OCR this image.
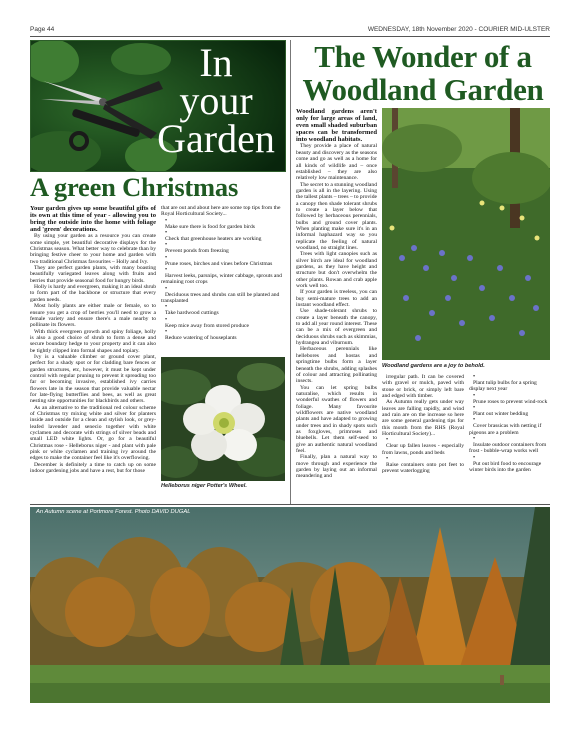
Page 44	WEDNESDAY, 18th November 2020 - COURIER MID-ULSTER
In
your
Garden
A green Christmas

Your garden gives up some beautiful gifts of its own at this time of year - allowing you to bring the outside into the home with foliage and 'green' decorations.

By using your garden as a resource you can create some simple, yet beautiful decorative displays for the Christmas season. What better way to celebrate than by bringing festive cheer to your home and garden with two traditional Christmas favourites – Holly and Ivy.

They are perfect garden plants, with many boasting beautifully variegated leaves along with fruits and berries that provide seasonal food for hungry birds.

Holly is hardy and evergreen, making it an ideal shrub to form part of the backbone or structure that every garden needs.

Most holly plants are either male or female, so to ensure you get a crop of berries you'll need to grow a female variety and ensure there's a male nearby to pollinate its flowers.

With thick evergreen growth and spiny foliage, holly is also a good choice of shrub to form a dense and secure boundary hedge to your property and it can also be tightly clipped into formal shapes and topiary.

Ivy is a valuable climber or ground cover plant, perfect for a shady spot or for cladding bare fences or garden structures, etc, however, it must be kept under control with regular pruning to prevent it spreading too far or becoming invasive, established ivy carries flowers late in the season that provide valuable nectar for late-flying butterflies and bees, as well as great nesting site opportunities for blackbirds and others.

As an alternative to the traditional red colour scheme of Christmas try mixing white and silver for planters inside and outside for a clean and stylish look, or grey-leafed lavender and senecio together with white cyclamen and decorate with strings of silver beads and small LED white lights. Or, go for a beautiful Christmas rose - Helleborus niger - and plant with pale pink or white cyclamen and training ivy around the edges to make the container feel like it's overflowing.

December is definitely a time to catch up on some indoor gardening jobs and have a rest, but for those

that are out and about here are some top tips from the Royal Horticultural Society...

•

Make sure there is food for garden birds

•

Check that greenhouse heaters are working

•

Prevent ponds from freezing

•

Prune roses, birches and vines before Christmas

•

Harvest leeks, parsnips, winter cabbage, sprouts and remaining root crops

•

Deciduous trees and shrubs can still be planted and transplanted

•

Take hardwood cuttings

•

Keep mice away from stored produce

•

Reduce watering of houseplants

Helleborus niger Potter's Wheel.
The Wonder of a
Woodland Garden

Woodland gardens aren't only for large areas of land, even small shaded suburban spaces can be transformed into woodland habitats.

They provide a place of natural beauty and discovery as the seasons come and go as well as a home for all kinds of wildlife and – once established – they are also relatively low maintenance.

The secret to a stunning woodland garden is all in the layering. Using the tallest plants – trees – to provide a canopy then shade tolerant shrubs to create a layer below that followed by herbaceous perennials, bulbs and ground cover plants. When planting make sure it's in an informal haphazard way so you replicate the feeling of natural woodland, no straight lines.

Trees with light canopies such as silver birch are ideal for woodland gardens, as they have height and structure but don't overwhelm the other plants. Rowan and crab apple work well too.

If your garden is treeless, you can buy semi-mature trees to add an instant woodland effect.

Use shade-tolerant shrubs to create a layer beneath the canopy, to add all year round interest. These can be a mix of evergreen and deciduous shrubs such as skimmias, hydrangea and viburnum.

Herbaceous perennials like hellebores and hostas and springtime bulbs form a layer beneath the shrubs, adding splashes of colour and attracting pollinating insects.

You can let spring bulbs naturalise, which results in wonderful swathes of flowers and foliage. Many favourite wildflowers are native woodland plants and have adapted to growing under trees and in shady spots such as foxgloves, primroses and bluebells. Let them self-seed to give an authentic natural woodland feel.

Finally, plan a natural way to move through and experience the garden by laying out an informal meandering and

Woodland gardens are a joy to behold.

irregular path. It can be covered with gravel or mulch, paved with stone or brick, or simply left bare and edged with timber.

As Autumn really gets under way leaves are falling rapidly, and wind and rain are on the increase so here are some general gardening tips for this month from the RHS (Royal Horticultural Society)...

•

Clear up fallen leaves - especially from lawns, ponds and beds

•

Raise containers onto pot feet to prevent waterlogging

•

Plant tulip bulbs for a spring display next year

•

Prune roses to prevent wind-rock

•

Plant out winter bedding

•

Cover brassicas with netting if pigeons are a problem

•

Insulate outdoor containers from frost - bubble-wrap works well

•

Put out bird food to encourage winter birds into the garden

An Autumn scene at Portmore Forest. Photo DAVID DUGAL
